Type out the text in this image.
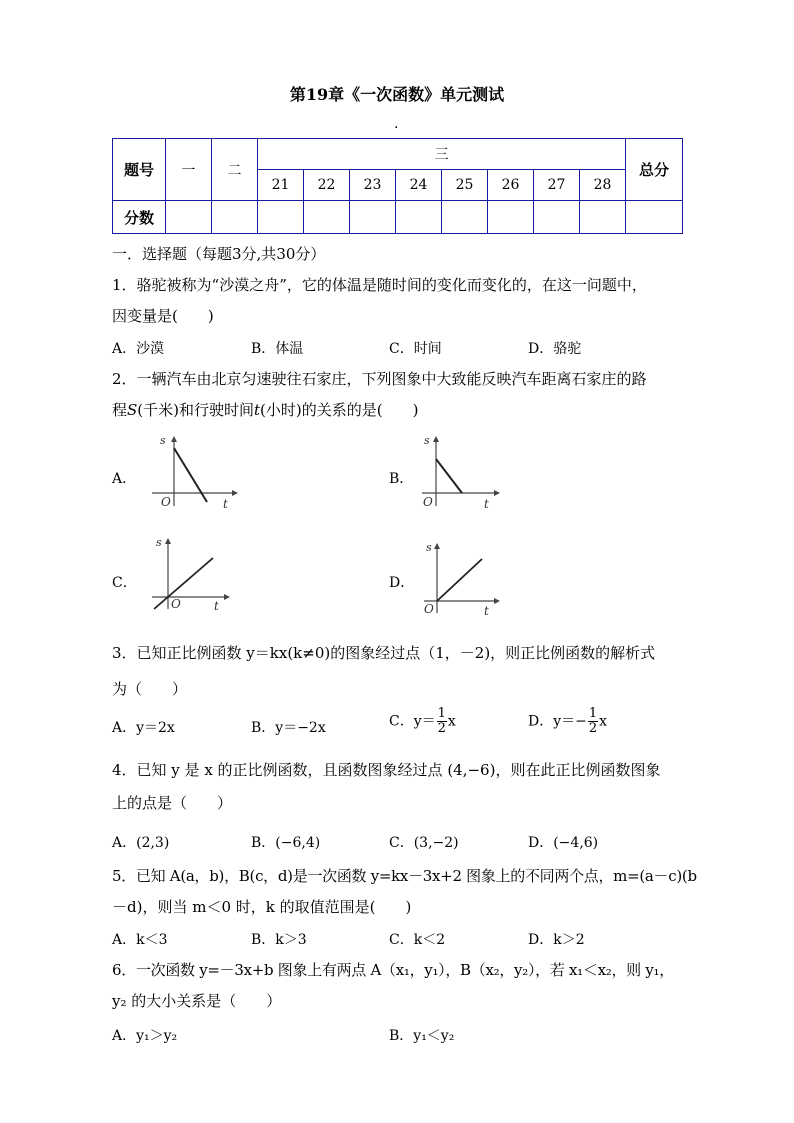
第19章《一次函数》单元测试
.
题号	一	二	三								总分
			21	22	23	24	25	26	27	28	
分数											
一．选择题（每题3分,共30分）
1．骆驼被称为“沙漠之舟”，它的体温是随时间的变化而变化的，在这一问题中，
因变量是(　　)
A．沙漠	B．体温	C．时间	D．骆驼
2．一辆汽车由北京匀速驶往石家庄，下列图象中大致能反映汽车距离石家庄的路
程S(千米)和行驶时间t(小时)的关系的是(　　)
A．	B．
C．	D．
s
O	t
s
O	t
s
O	t
s
O	t
3．已知正比例函数 y＝kx(k≠0)的图象经过点（1，－2)，则正比例函数的解析式
为（　　）
A．y＝2x	B．y＝−2x	C．$y= \frac{1}{2}$ x	D．$y=- \frac{1}{2}$ x
4．已知 y 是 x 的正比例函数，且函数图象经过点 (4,−6)，则在此正比例函数图象
上的点是（　　）
A．(2,3)	B．(−6,4)	C．(3,−2)	D．(−4,6)
5．已知 A(a，b)，B(c，d)是一次函数 y=kx－3x+2 图象上的不同两个点，m=(a－c)(b
－d)，则当 m＜0 时，k 的取值范围是(　　)
A．k＜3	B．k＞3	C．k＜2	D．k＞2
6．一次函数 y=－3x+b 图象上有两点 A（x₁，y₁），B（x₂，y₂），若 x₁＜x₂，则 y₁，
y₂ 的大小关系是（　　）
A．y₁＞y₂	B．y₁＜y₂
